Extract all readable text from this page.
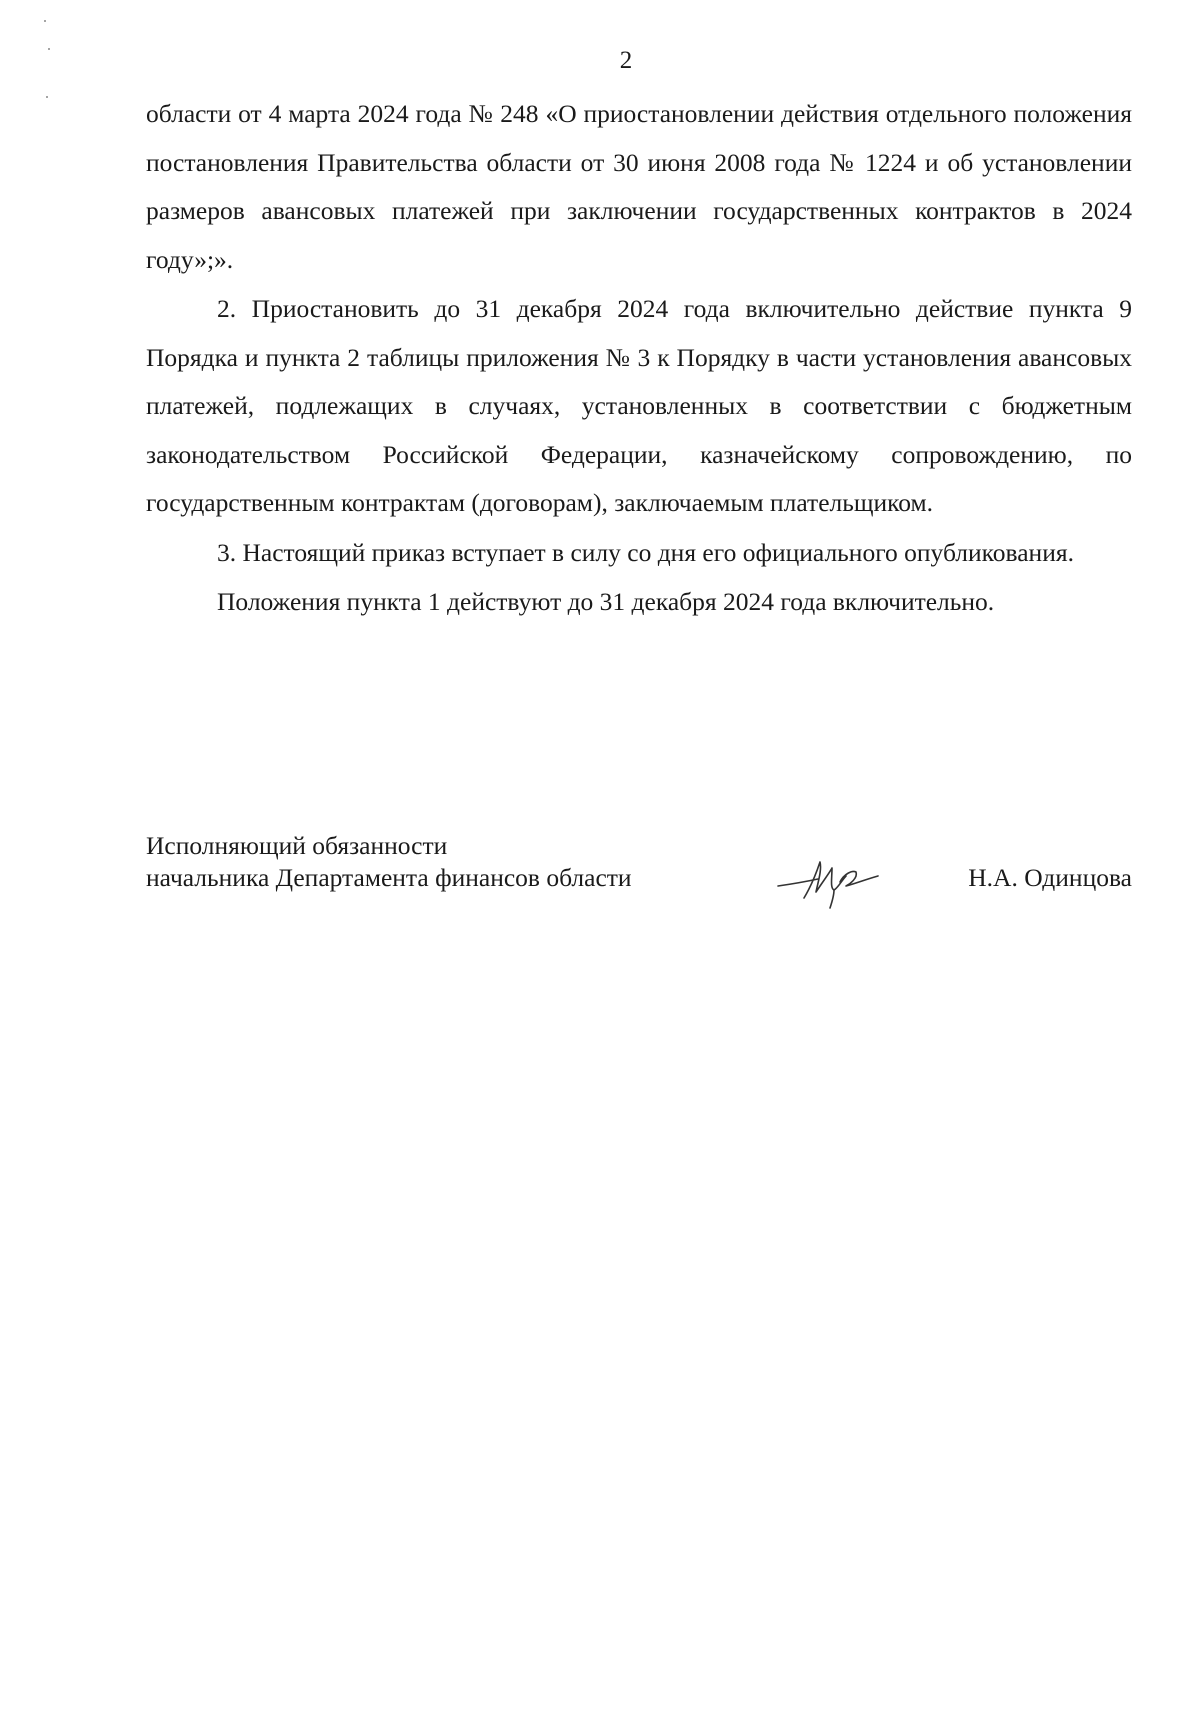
2

области от 4 марта 2024 года № 248 «О приостановлении действия отдельного положения постановления Правительства области от 30 июня 2008 года № 1224 и об установлении размеров авансовых платежей при заключении государственных контрактов в 2024 году»;».

2. Приостановить до 31 декабря 2024 года включительно действие пункта 9 Порядка и пункта 2 таблицы приложения № 3 к Порядку в части установления авансовых платежей, подлежащих в случаях, установленных в соответствии с бюджетным законодательством Российской Федерации, казначейскому сопровождению, по государственным контрактам (договорам), заключаемым плательщиком.

3. Настоящий приказ вступает в силу со дня его официального опубликования.

Положения пункта 1 действуют до 31 декабря 2024 года включительно.

Исполняющий обязанности
начальника Департамента финансов области	Н.А. Одинцова
